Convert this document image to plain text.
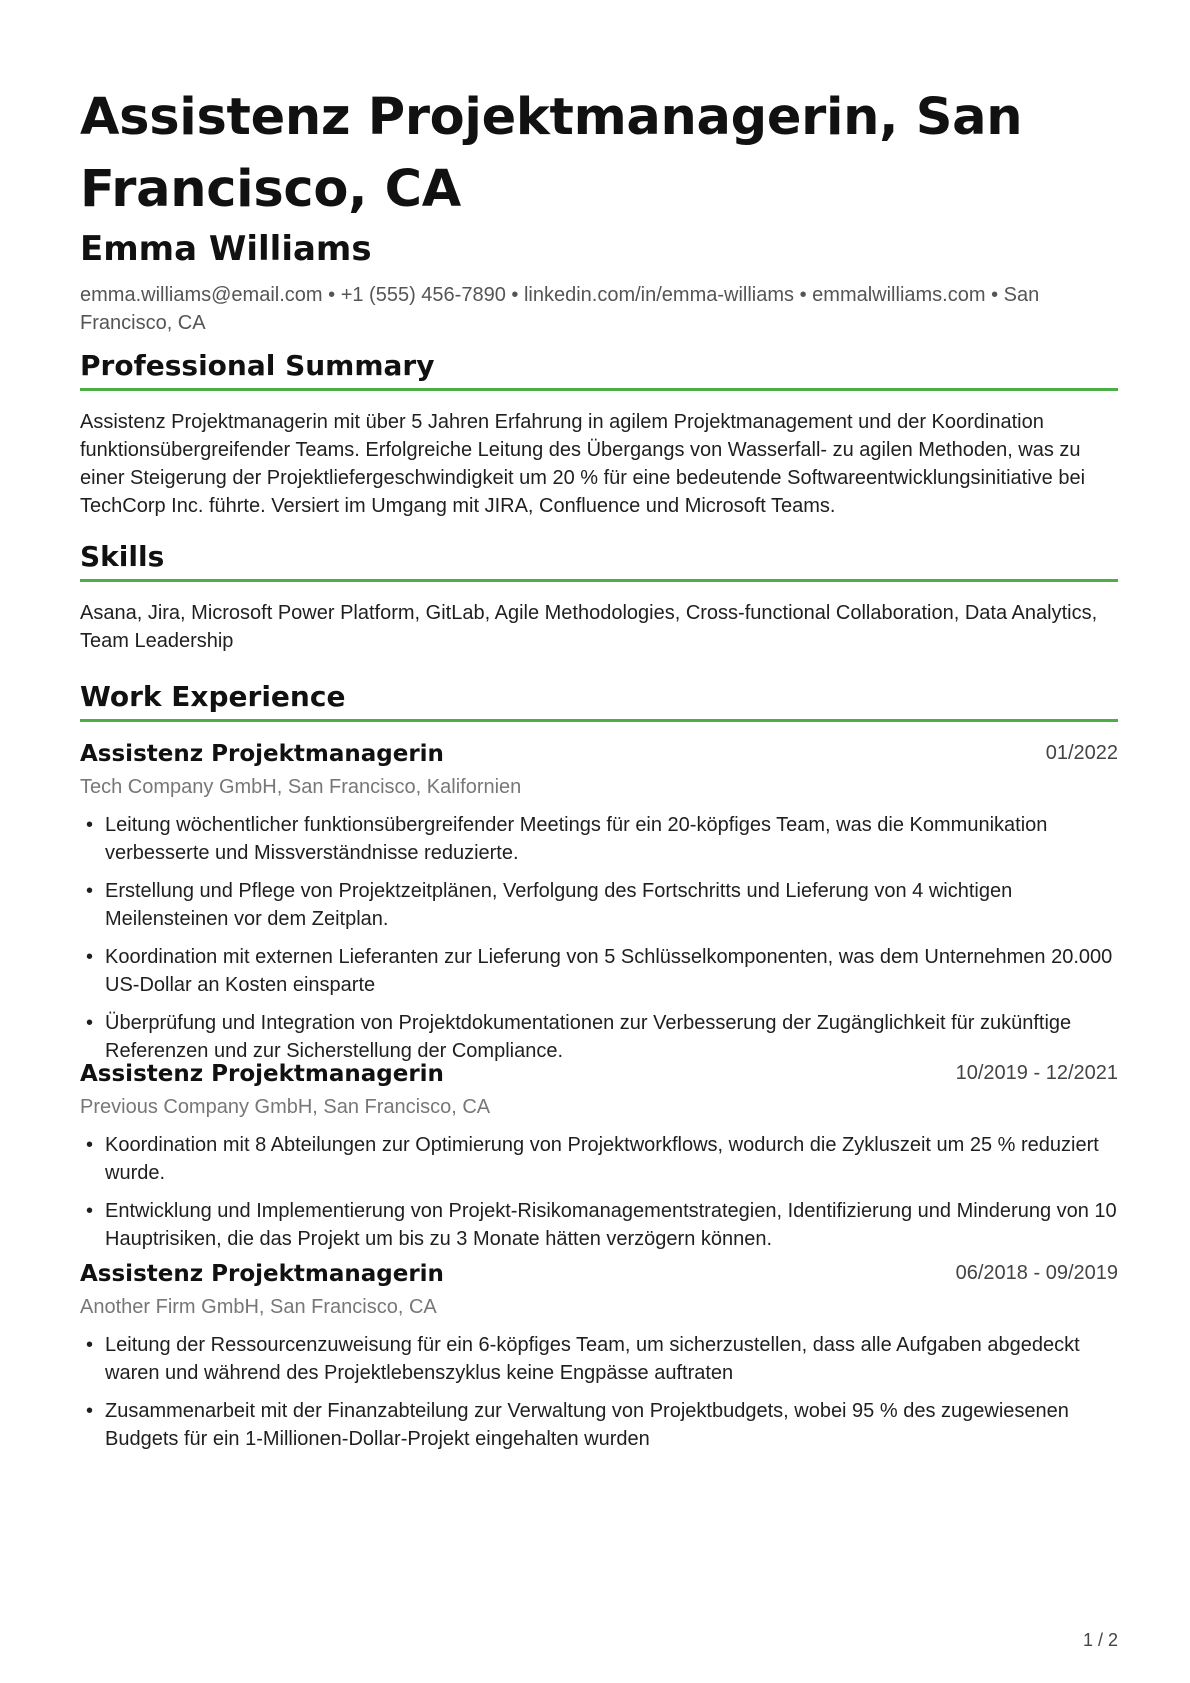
Assistenz Projektmanagerin, San Francisco, CA
Emma Williams
emma.williams@email.com • +1 (555) 456-7890 • linkedin.com/in/emma-williams • emmalwilliams.com • San Francisco, CA
Professional Summary

Assistenz Projektmanagerin mit über 5 Jahren Erfahrung in agilem Projektmanagement und der Koordination funktionsübergreifender Teams. Erfolgreiche Leitung des Übergangs von Wasserfall- zu agilen Methoden, was zu einer Steigerung der Projektliefergeschwindigkeit um 20 % für eine bedeutende Softwareentwicklungsinitiative bei TechCorp Inc. führte. Versiert im Umgang mit JIRA, Confluence und Microsoft Teams.

Skills

Asana, Jira, Microsoft Power Platform, GitLab, Agile Methodologies, Cross-functional Collaboration, Data Analytics, Team Leadership

Work Experience
Assistenz Projektmanagerin	01/2022
Tech Company GmbH, San Francisco, Kalifornien
• Leitung wöchentlicher funktionsübergreifender Meetings für ein 20-köpfiges Team, was die Kommunikation verbesserte und Missverständnisse reduzierte.
• Erstellung und Pflege von Projektzeitplänen, Verfolgung des Fortschritts und Lieferung von 4 wichtigen Meilensteinen vor dem Zeitplan.
• Koordination mit externen Lieferanten zur Lieferung von 5 Schlüsselkomponenten, was dem Unternehmen 20.000 US-Dollar an Kosten einsparte
• Überprüfung und Integration von Projektdokumentationen zur Verbesserung der Zugänglichkeit für zukünftige Referenzen und zur Sicherstellung der Compliance.
Assistenz Projektmanagerin	10/2019 - 12/2021
Previous Company GmbH, San Francisco, CA
• Koordination mit 8 Abteilungen zur Optimierung von Projektworkflows, wodurch die Zykluszeit um 25 % reduziert wurde.
• Entwicklung und Implementierung von Projekt-Risikomanagementstrategien, Identifizierung und Minderung von 10 Hauptrisiken, die das Projekt um bis zu 3 Monate hätten verzögern können.
Assistenz Projektmanagerin	06/2018 - 09/2019
Another Firm GmbH, San Francisco, CA
• Leitung der Ressourcenzuweisung für ein 6-köpfiges Team, um sicherzustellen, dass alle Aufgaben abgedeckt waren und während des Projektlebenszyklus keine Engpässe auftraten
• Zusammenarbeit mit der Finanzabteilung zur Verwaltung von Projektbudgets, wobei 95 % des zugewiesenen Budgets für ein 1-Millionen-Dollar-Projekt eingehalten wurden
1 / 2
